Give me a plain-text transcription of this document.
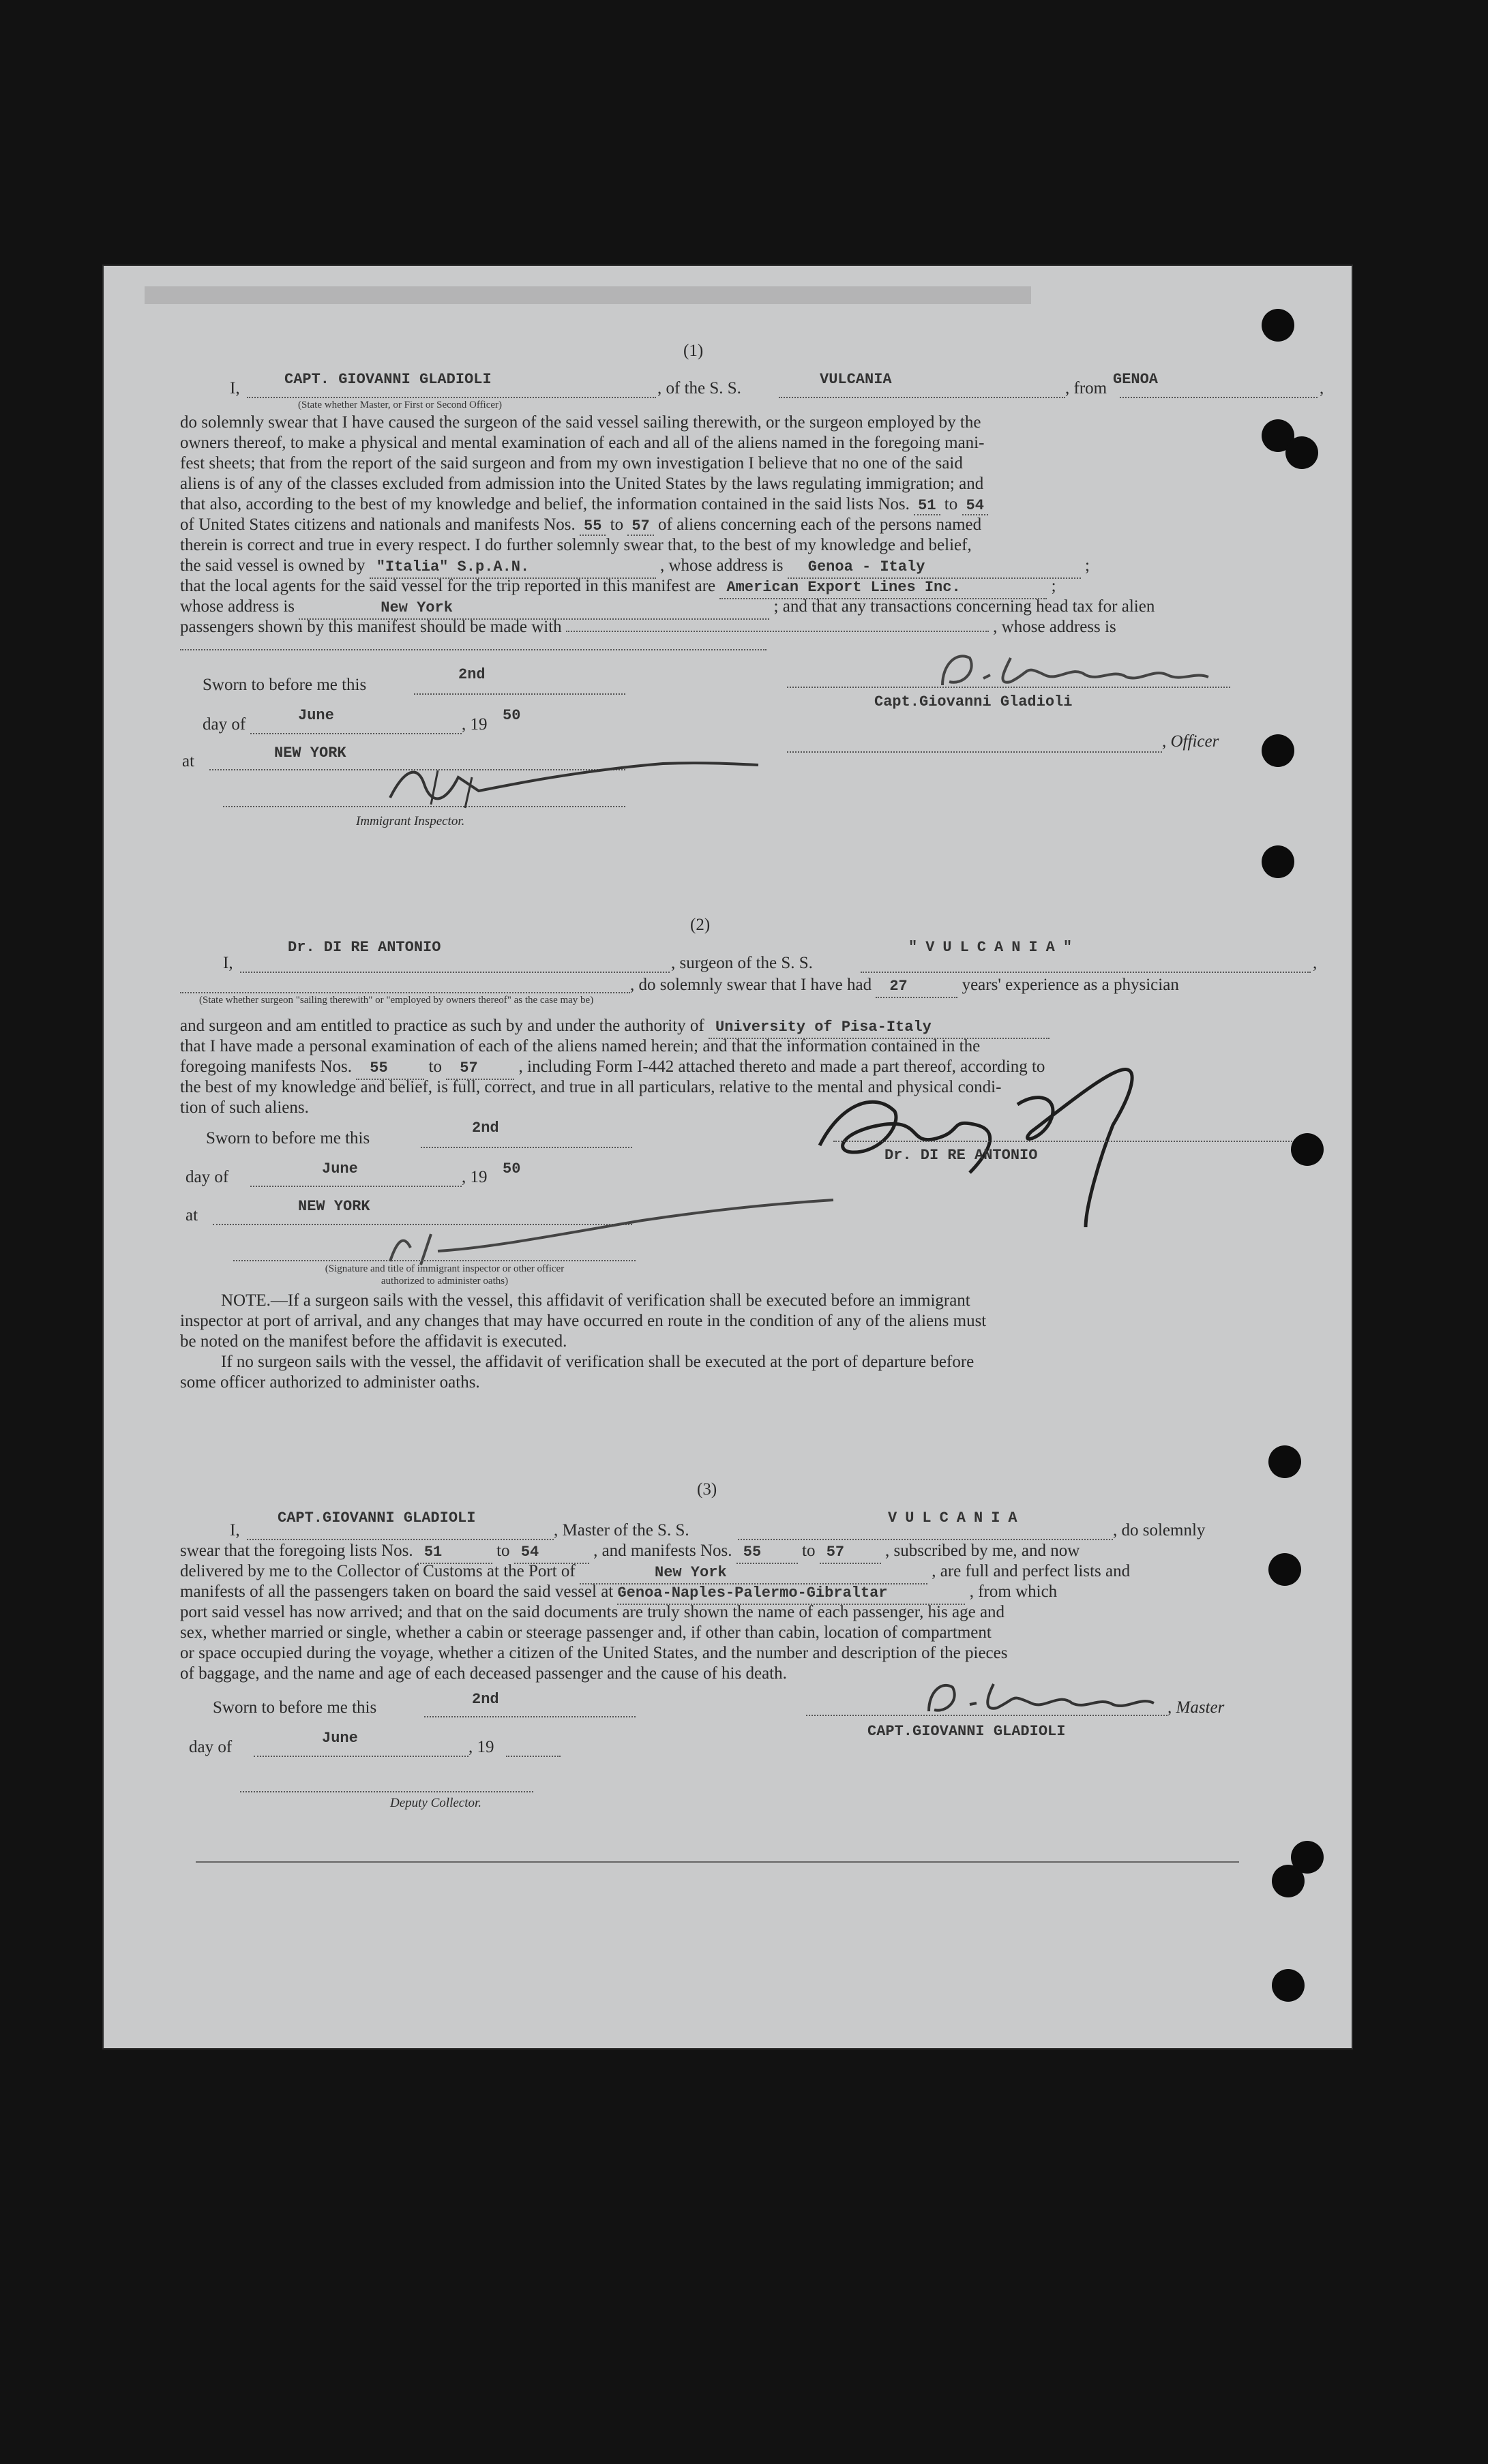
(1)
I,	CAPT. GIOVANNI GLADIOLI
(State whether Master, or First or Second Officer)
, of the S. S.	VULCANIA	, from GENOA	,
do solemnly swear that I have caused the surgeon of the said vessel sailing therewith, or the surgeon employed by the
owners thereof, to make a physical and mental examination of each and all of the aliens named in the foregoing mani-
fest sheets; that from the report of the said surgeon and from my own investigation I believe that no one of the said
aliens is of any of the classes excluded from admission into the United States by the laws regulating immigration; and
that also, according to the best of my knowledge and belief, the information contained in the said lists Nos. 51 to 54
of United States citizens and nationals and manifests Nos. 55 to 57 of aliens concerning each of the persons named
therein is correct and true in every respect. I do further solemnly swear that, to the best of my knowledge and belief,
the said vessel is owned by "Italia" S.p.A.N.	, whose address is Genoa - Italy	;
that the local agents for the said vessel for the trip reported in this manifest are American Export Lines Inc.	;
whose address is	New York	; and that any transactions concerning head tax for alien
passengers shown by this manifest should be made with	, whose address is
Sworn to before me this
2nd
day of	June	, 19 50
at	NEW YORK
Immigrant Inspector.
Capt.Giovanni Gladioli
, Officer
(2)
I,
Dr. DI RE ANTONIO
, surgeon of the S. S.
"VULCANIA"
,
, do solemnly swear that I have had 27	years' experience as a physician
(State whether surgeon "sailing therewith" or "employed by owners thereof" as the case may be)
and surgeon and am entitled to practice as such by and under the authority of University of Pisa-Italy
that I have made a personal examination of each of the aliens named herein; and that the information contained in the
foregoing manifests Nos. 55 to 57 , including Form I-442 attached thereto and made a part thereof, according to
the best of my knowledge and belief, is full, correct, and true in all particulars, relative to the mental and physical condi-
tion of such aliens.
Sworn to before me this
2nd
day of	June	, 19 50
at	NEW YORK
(Signature and title of immigrant inspector or other officer authorized to administer oaths)
Dr. DI RE ANTONIO
NOTE.—If a surgeon sails with the vessel, this affidavit of verification shall be executed before an immigrant
inspector at port of arrival, and any changes that may have occurred en route in the condition of any of the aliens must
be noted on the manifest before the affidavit is executed.
If no surgeon sails with the vessel, the affidavit of verification shall be executed at the port of departure before
some officer authorized to administer oaths.
(3)
I,
CAPT.GIOVANNI GLADIOLI
, Master of the S. S.
VULCANIA
, do solemnly
swear that the foregoing lists Nos. 51	to 54	, and manifests Nos. 55 to 57 , subscribed by me, and now
delivered by me to the Collector of Customs at the Port of	New York	, are full and perfect lists and
manifests of all the passengers taken on board the said vessel at Genoa-Naples-Palermo-Gibraltar	, from which
port said vessel has now arrived; and that on the said documents are truly shown the name of each passenger, his age and
sex, whether married or single, whether a cabin or steerage passenger and, if other than cabin, location of compartment
or space occupied during the voyage, whether a citizen of the United States, and the number and description of the pieces
of baggage, and the name and age of each deceased passenger and the cause of his death.
Sworn to before me this	2nd
day of	June	, 19
Deputy Collector.
, Master
CAPT.GIOVANNI GLADIOLI
